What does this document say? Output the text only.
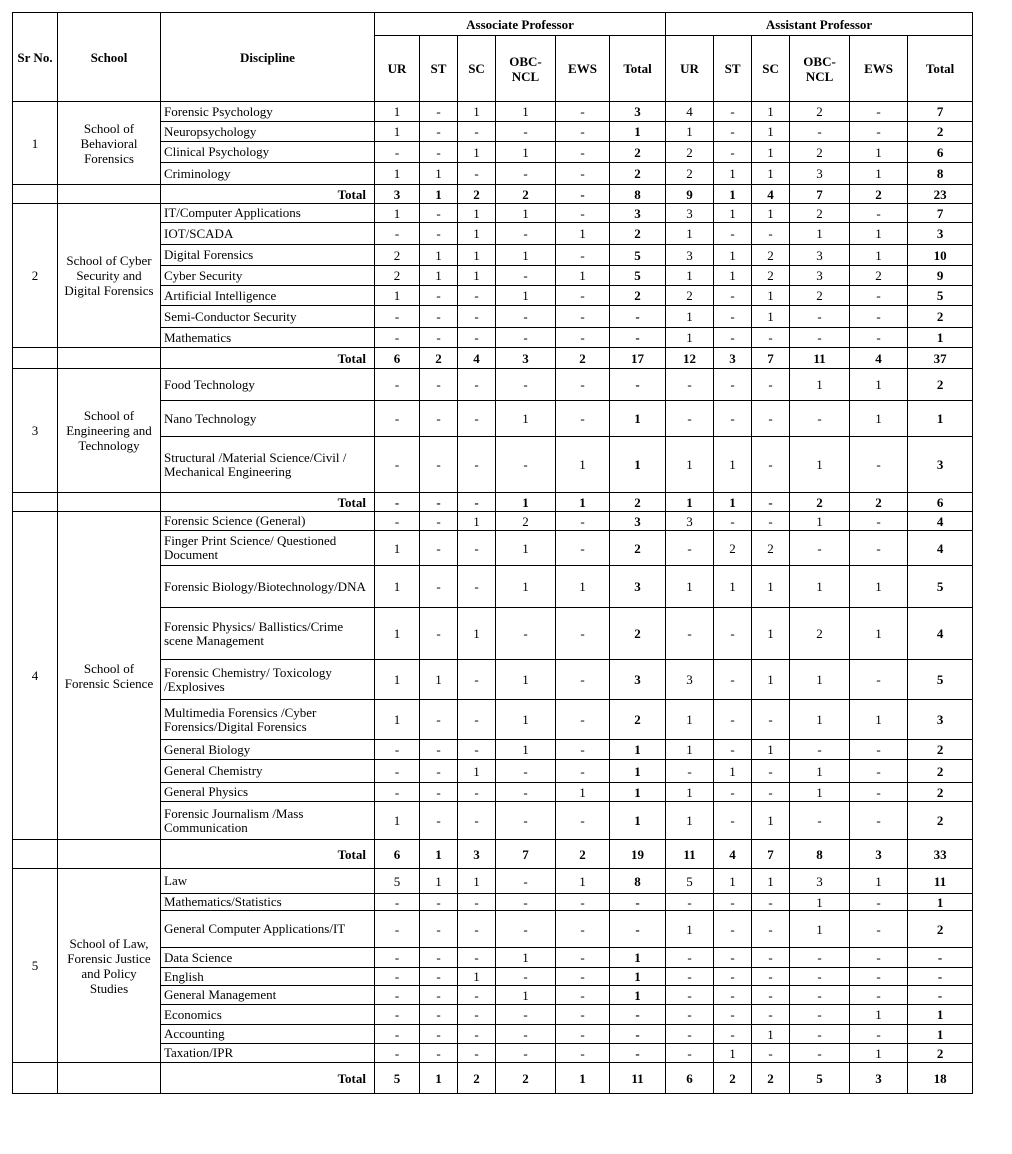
Sr No.	School	Discipline	Associate Professor						Assistant Professor					
			UR	ST	SC	OBC-NCL	EWS	Total	UR	ST	SC	OBC-NCL	EWS	Total
1	School of Behavioral Forensics	Forensic Psychology	1	-	1	1	-	3	4	-	1	2	-	7
		Neuropsychology	1	-	-	-	-	1	1	-	1	-	-	2
		Clinical Psychology	-	-	1	1	-	2	2	-	1	2	1	6
		Criminology	1	1	-	-	-	2	2	1	1	3	1	8
		Total	3	1	2	2	-	8	9	1	4	7	2	23
2	School of Cyber Security and Digital Forensics	IT/Computer Applications	1	-	1	1	-	3	3	1	1	2	-	7
		IOT/SCADA	-	-	1	-	1	2	1	-	-	1	1	3
		Digital Forensics	2	1	1	1	-	5	3	1	2	3	1	10
		Cyber Security	2	1	1	-	1	5	1	1	2	3	2	9
		Artificial Intelligence	1	-	-	1	-	2	2	-	1	2	-	5
		Semi-Conductor Security	-	-	-	-	-	-	1	-	1	-	-	2
		Mathematics	-	-	-	-	-	-	1	-	-	-	-	1
		Total	6	2	4	3	2	17	12	3	7	11	4	37
3	School of Engineering and Technology	Food Technology	-	-	-	-	-	-	-	-	-	1	1	2
		Nano Technology	-	-	-	1	-	1	-	-	-	-	1	1
		Structural /Material Science/Civil / Mechanical Engineering	-	-	-	-	1	1	1	1	-	1	-	3
		Total	-	-	-	1	1	2	1	1	-	2	2	6
4	School of Forensic Science	Forensic Science (General)	-	-	1	2	-	3	3	-	-	1	-	4
		Finger Print Science/ Questioned Document	1	-	-	1	-	2	-	2	2	-	-	4
		Forensic Biology/Biotechnology/DNA	1	-	-	1	1	3	1	1	1	1	1	5
		Forensic Physics/ Ballistics/Crime scene Management	1	-	1	-	-	2	-	-	1	2	1	4
		Forensic Chemistry/ Toxicology /Explosives	1	1	-	1	-	3	3	-	1	1	-	5
		Multimedia Forensics /Cyber Forensics/Digital Forensics	1	-	-	1	-	2	1	-	-	1	1	3
		General Biology	-	-	-	1	-	1	1	-	1	-	-	2
		General Chemistry	-	-	1	-	-	1	-	1	-	1	-	2
		General Physics	-	-	-	-	1	1	1	-	-	1	-	2
		Forensic Journalism /Mass Communication	1	-	-	-	-	1	1	-	1	-	-	2
		Total	6	1	3	7	2	19	11	4	7	8	3	33
5	School of Law, Forensic Justice and Policy Studies	Law	5	1	1	-	1	8	5	1	1	3	1	11
		Mathematics/Statistics	-	-	-	-	-	-	-	-	-	1	-	1
		General Computer Applications/IT	-	-	-	-	-	-	1	-	-	1	-	2
		Data Science	-	-	-	1	-	1	-	-	-	-	-	-
		English	-	-	1	-	-	1	-	-	-	-	-	-
		General Management	-	-	-	1	-	1	-	-	-	-	-	-
		Economics	-	-	-	-	-	-	-	-	-	-	1	1
		Accounting	-	-	-	-	-	-	-	-	1	-	-	1
		Taxation/IPR	-	-	-	-	-	-	-	1	-	-	1	2
		Total	5	1	2	2	1	11	6	2	2	5	3	18
